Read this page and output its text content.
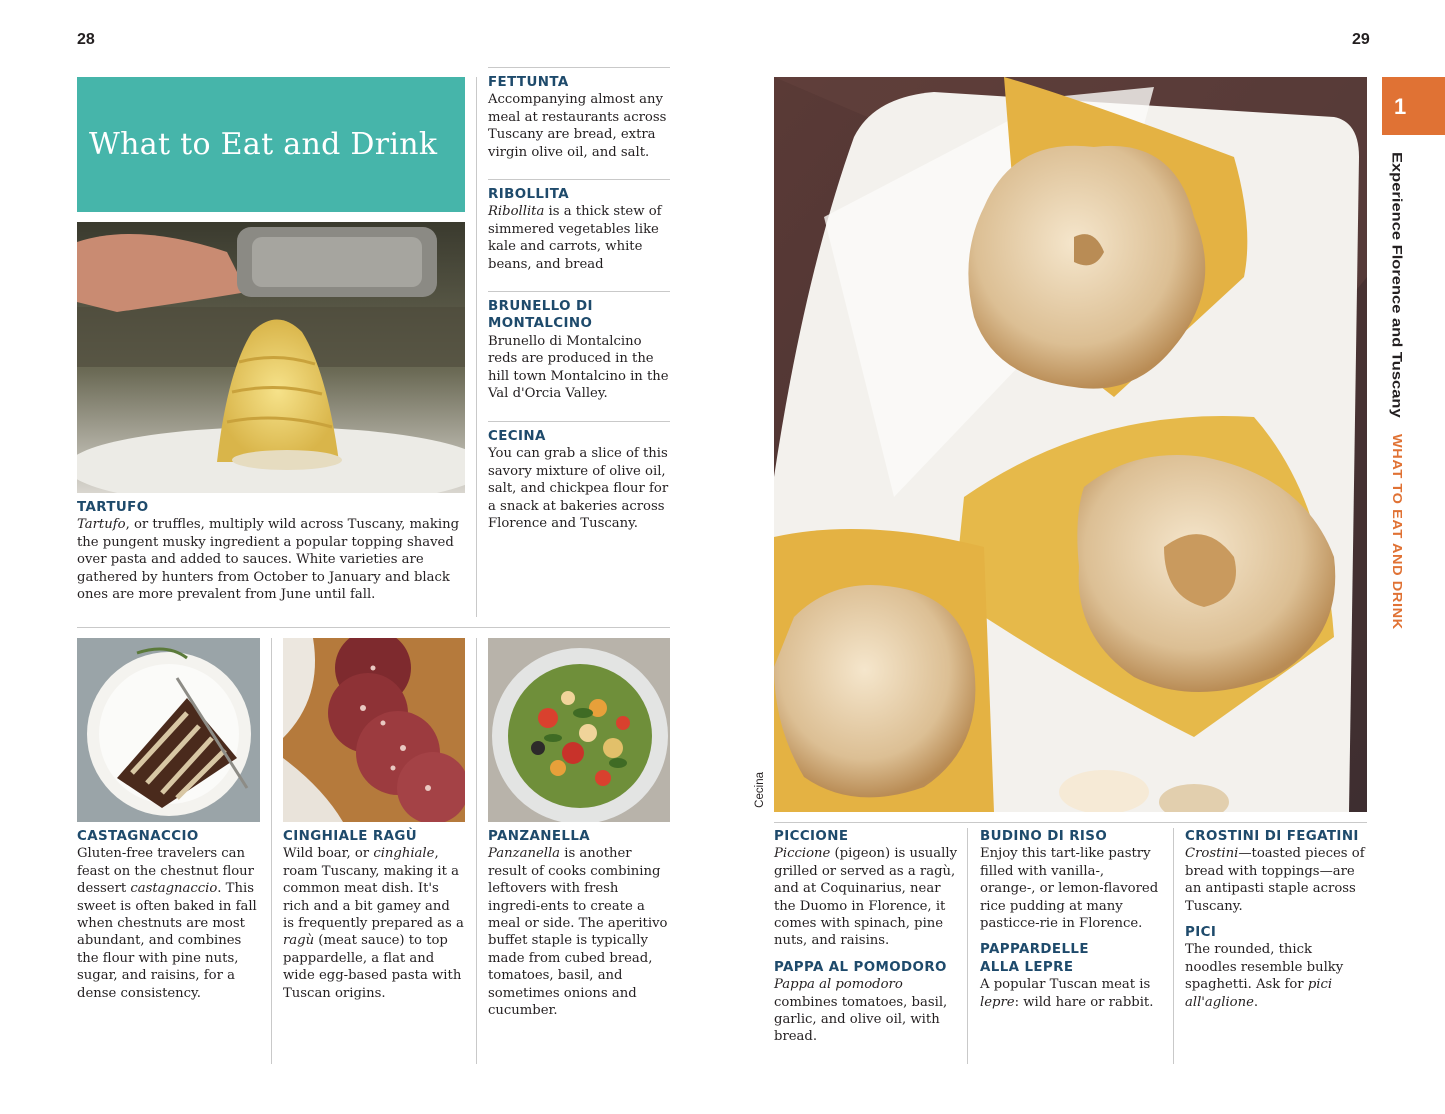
28	29
What to Eat and Drink
TARTUFO

Tartufo, or truffles, multiply wild across Tuscany, making the pungent musky ingredient a popular topping shaved over pasta and added to sauces. White varieties are gathered by hunters from October to January and black ones are more prevalent from June until fall.

FETTUNTA

Accompanying almost any meal at restaurants across Tuscany are bread, extra virgin olive oil, and salt.

RIBOLLITA

Ribollita is a thick stew of simmered vegetables like kale and carrots, white beans, and bread

BRUNELLO DI MONTALCINO

Brunello di Montalcino reds are produced in the hill town Montalcino in the Val d'Orcia Valley.

CECINA

You can grab a slice of this savory mixture of olive oil, salt, and chickpea flour for a snack at bakeries across Florence and Tuscany.

CASTAGNACCIO

Gluten-free travelers can feast on the chestnut flour dessert castagnaccio. This sweet is often baked in fall when chestnuts are most abundant, and combines the flour with pine nuts, sugar, and raisins, for a dense consistency.

CINGHIALE RAGÙ

Wild boar, or cinghiale, roam Tuscany, making it a common meat dish. It's rich and a bit gamey and is frequently prepared as a ragù (meat sauce) to top pappardelle, a flat and wide egg-based pasta with Tuscan origins.

PANZANELLA

Panzanella is another result of cooks combining leftovers with fresh ingredi-ents to create a meal or side. The aperitivo buffet staple is typically made from cubed bread, tomatoes, basil, and sometimes onions and cucumber.

Cecina
1
Experience Florence and Tuscany WHAT TO EAT AND DRINK
PICCIONE

Piccione (pigeon) is usually grilled or served as a ragù, and at Coquinarius, near the Duomo in Florence, it comes with spinach, pine nuts, and raisins.

PAPPA AL POMODORO

Pappa al pomodoro combines tomatoes, basil, garlic, and olive oil, with bread.

BUDINO DI RISO

Enjoy this tart-like pastry filled with vanilla-, orange-, or lemon-flavored rice pudding at many pasticce-rie in Florence.

PAPPARDELLE ALLA LEPRE

A popular Tuscan meat is lepre: wild hare or rabbit.

CROSTINI DI FEGATINI

Crostini—toasted pieces of bread with toppings—are an antipasti staple across Tuscany.

PICI

The rounded, thick noodles resemble bulky spaghetti. Ask for pici all'aglione.
